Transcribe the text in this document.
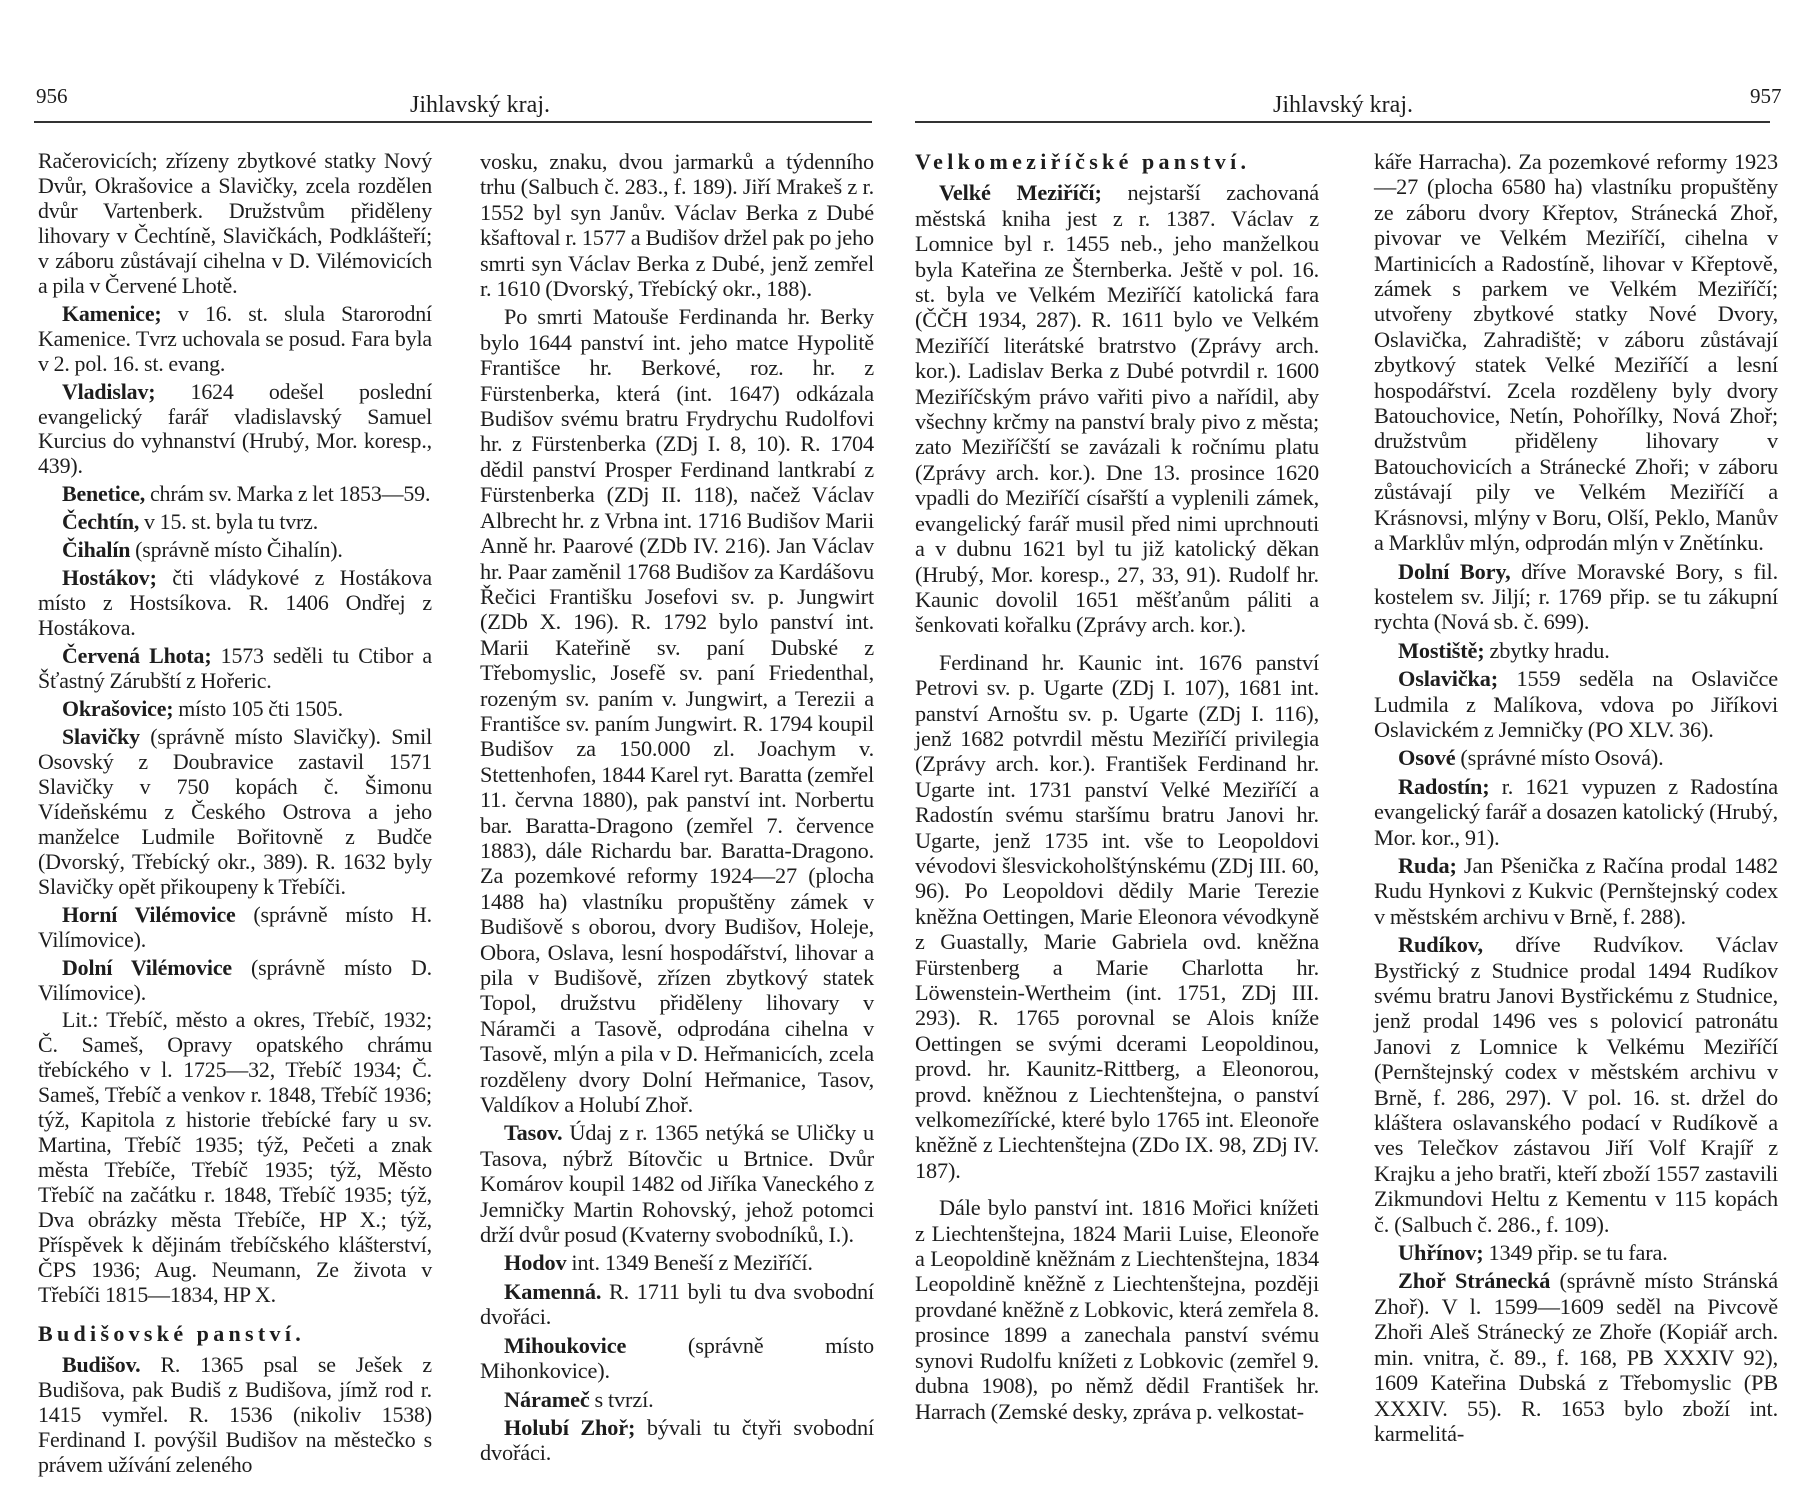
956	Jihlavský kraj.

Račerovicích; zřízeny zbytkové statky Nový Dvůr, Okrašovice a Slavičky, zcela rozdělen dvůr Vartenberk. Družstvům přiděleny lihovary v Čechtíně, Slavičkách, Podklášteří; v záboru zůstávají cihelna v D. Vilémovicích a pila v Červené Lhotě.

Kamenice; v 16. st. slula Starorodní Kamenice. Tvrz uchovala se posud. Fara byla v 2. pol. 16. st. evang.

Vladislav; 1624 odešel poslední evangelický farář vladislavský Samuel Kurcius do vyhnanství (Hrubý, Mor. koresp., 439).

Benetice, chrám sv. Marka z let 1853—59.

Čechtín, v 15. st. byla tu tvrz.

Čihalín (správně místo Čihalín).

Hostákov; čti vládykové z Hostákova místo z Hostsíkova. R. 1406 Ondřej z Hostákova.

Červená Lhota; 1573 seděli tu Ctibor a Šťastný Zárubští z Hořeric.

Okrašovice; místo 105 čti 1505.

Slavičky (správně místo Slavičky). Smil Osovský z Doubravice zastavil 1571 Slavičky v 750 kopách č. Šimonu Vídeňskému z Českého Ostrova a jeho manželce Ludmile Bořitovně z Budče (Dvorský, Třebícký okr., 389). R. 1632 byly Slavičky opět přikoupeny k Třebíči.

Horní Vilémovice (správně místo H. Vilímovice).

Dolní Vilémovice (správně místo D. Vilímovice).

Lit.: Třebíč, město a okres, Třebíč, 1932; Č. Sameš, Opravy opatského chrámu třebíckého v l. 1725—32, Třebíč 1934; Č. Sameš, Třebíč a venkov r. 1848, Třebíč 1936; týž, Kapitola z historie třebícké fary u sv. Martina, Třebíč 1935; týž, Pečeti a znak města Třebíče, Třebíč 1935; týž, Město Třebíč na začátku r. 1848, Třebíč 1935; týž, Dva obrázky města Třebíče, HP X.; týž, Příspěvek k dějinám třebíčského klášterství, ČPS 1936; Aug. Neumann, Ze života v Třebíči 1815—1834, HP X.

Budišovské panství.

Budišov. R. 1365 psal se Ješek z Budišova, pak Budiš z Budišova, jímž rod r. 1415 vymřel. R. 1536 (nikoliv 1538) Ferdinand I. povýšil Budišov na městečko s právem užívání zeleného

vosku, znaku, dvou jarmarků a týdenního trhu (Salbuch č. 283., f. 189). Jiří Mrakeš z r. 1552 byl syn Janův. Václav Berka z Dubé kšaftoval r. 1577 a Budišov držel pak po jeho smrti syn Václav Berka z Dubé, jenž zemřel r. 1610 (Dvorský, Třebícký okr., 188).

Po smrti Matouše Ferdinanda hr. Berky bylo 1644 panství int. jeho matce Hypolitě Františce hr. Berkové, roz. hr. z Fürstenberka, která (int. 1647) odkázala Budišov svému bratru Frydrychu Rudolfovi hr. z Fürstenberka (ZDj I. 8, 10). R. 1704 dědil panství Prosper Ferdinand lantkrabí z Fürstenberka (ZDj II. 118), načež Václav Albrecht hr. z Vrbna int. 1716 Budišov Marii Anně hr. Paarové (ZDb IV. 216). Jan Václav hr. Paar zaměnil 1768 Budišov za Kardášovu Řečici Františku Josefovi sv. p. Jungwirt (ZDb X. 196). R. 1792 bylo panství int. Marii Kateřině sv. paní Dubské z Třebomyslic, Josefě sv. paní Friedenthal, rozeným sv. paním v. Jungwirt, a Terezii a Františce sv. paním Jungwirt. R. 1794 koupil Budišov za 150.000 zl. Joachym v. Stettenhofen, 1844 Karel ryt. Baratta (zemřel 11. června 1880), pak panství int. Norbertu bar. Baratta-Dragono (zemřel 7. července 1883), dále Richardu bar. Baratta-Dragono. Za pozemkové reformy 1924—27 (plocha 1488 ha) vlastníku propuštěny zámek v Budišově s oborou, dvory Budišov, Holeje, Obora, Oslava, lesní hospodářství, lihovar a pila v Budišově, zřízen zbytkový statek Topol, družstvu přiděleny lihovary v Náramči a Tasově, odprodána cihelna v Tasově, mlýn a pila v D. Heřmanicích, zcela rozděleny dvory Dolní Heřmanice, Tasov, Valdíkov a Holubí Zhoř.

Tasov. Údaj z r. 1365 netýká se Uličky u Tasova, nýbrž Bítovčic u Brtnice. Dvůr Komárov koupil 1482 od Jiříka Vaneckého z Jemničky Martin Rohovský, jehož potomci drží dvůr posud (Kvaterny svobodníků, I.).

Hodov int. 1349 Beneší z Meziříčí.

Kamenná. R. 1711 byli tu dva svobodní dvořáci.

Mihoukovice (správně místo Mihonkovice).

Náramеč s tvrzí.

Holubí Zhoř; bývali tu čtyři svobodní dvořáci.

Jihlavský kraj.	957

Velkomeziříčské panství.

Velké Meziříčí; nejstarší zachovaná městská kniha jest z r. 1387. Václav z Lomnice byl r. 1455 neb., jeho manželkou byla Kateřina ze Šternberka. Ještě v pol. 16. st. byla ve Velkém Meziříčí katolická fara (ČČH 1934, 287). R. 1611 bylo ve Velkém Meziříčí literátské bratrstvo (Zprávy arch. kor.). Ladislav Berka z Dubé potvrdil r. 1600 Meziříčským právo vařiti pivo a nařídil, aby všechny krčmy na panství braly pivo z města; zato Meziříčští se zavázali k ročnímu platu (Zprávy arch. kor.). Dne 13. prosince 1620 vpadli do Meziříčí císařští a vyplenili zámek, evangelický farář musil před nimi uprchnouti a v dubnu 1621 byl tu již katolický děkan (Hrubý, Mor. koresp., 27, 33, 91). Rudolf hr. Kaunic dovolil 1651 měšťanům páliti a šenkovati kořalku (Zprávy arch. kor.).

Ferdinand hr. Kaunic int. 1676 panství Petrovi sv. p. Ugarte (ZDj I. 107), 1681 int. panství Arnoštu sv. p. Ugarte (ZDj I. 116), jenž 1682 potvrdil městu Meziříčí privilegia (Zprávy arch. kor.). František Ferdinand hr. Ugarte int. 1731 panství Velké Meziříčí a Radostín svému staršímu bratru Janovi hr. Ugarte, jenž 1735 int. vše to Leopoldovi vévodovi šlesvickoholštýnskému (ZDj III. 60, 96). Po Leopoldovi dědily Marie Terezie kněžna Oettingen, Marie Eleonora vévodkyně z Guastally, Marie Gabriela ovd. kněžna Fürstenberg a Marie Charlotta hr. Löwenstein-Wertheim (int. 1751, ZDj III. 293). R. 1765 porovnal se Alois kníže Oettingen se svými dcerami Leopoldinou, provd. hr. Kaunitz-Rittberg, a Eleonorou, provd. kněžnou z Liechtenštejna, o panství velkomezířícké, které bylo 1765 int. Eleonoře kněžně z Liechtenštejna (ZDo IX. 98, ZDj IV. 187).

Dále bylo panství int. 1816 Mořici knížeti z Liechtenštejna, 1824 Marii Luise, Eleonoře a Leopoldině kněžnám z Liechtenštejna, 1834 Leopoldině kněžně z Liechtenštejna, později provdané kněžně z Lobkovic, která zemřela 8. prosince 1899 a zanechala panství svému synovi Rudolfu knížeti z Lobkovic (zemřel 9. dubna 1908), po němž dědil František hr. Harrach (Zemské desky, zpráva p. velkostat-

káře Harracha). Za pozemkové reformy 1923—27 (plocha 6580 ha) vlastníku propuštěny ze záboru dvory Křeptov, Stránecká Zhoř, pivovar ve Velkém Meziříčí, cihelna v Martinicích a Radostíně, lihovar v Křeptově, zámek s parkem ve Velkém Meziříčí; utvořeny zbytkové statky Nové Dvory, Oslavička, Zahradiště; v záboru zůstávají zbytkový statek Velké Meziříčí a lesní hospodářství. Zcela rozděleny byly dvory Batouchovice, Netín, Pohořílky, Nová Zhoř; družstvům přiděleny lihovary v Batouchovicích a Stránecké Zhoři; v záboru zůstávají pily ve Velkém Meziříčí a Krásnovsi, mlýny v Boru, Olší, Peklo, Manův a Marklův mlýn, odprodán mlýn v Znětínku.

Dolní Bory, dříve Moravské Bory, s fil. kostelem sv. Jiljí; r. 1769 přip. se tu zákupní rychta (Nová sb. č. 699).

Mostiště; zbytky hradu.

Oslavička; 1559 seděla na Oslavičce Ludmila z Malíkova, vdova po Jiříkovi Oslavickém z Jemničky (PO XLV. 36).

Osové (správné místo Osová).

Radostín; r. 1621 vypuzen z Radostína evangelický farář a dosazen katolický (Hrubý, Mor. kor., 91).

Ruda; Jan Pšenička z Račína prodal 1482 Rudu Hynkovi z Kukvic (Pernštejnský codex v městském archivu v Brně, f. 288).

Rudíkov, dříve Rudvíkov. Václav Bystřický z Studnice prodal 1494 Rudíkov svému bratru Janovi Bystřickému z Studnice, jenž prodal 1496 ves s polovicí patronátu Janovi z Lomnice k Velkému Meziříčí (Pernštejnský codex v městském archivu v Brně, f. 286, 297). V pol. 16. st. držel do kláštera oslavanského podací v Rudíkově a ves Telečkov zástavou Jiří Volf Krajíř z Krajku a jeho bratři, kteří zboží 1557 zastavili Zikmundovi Heltu z Kementu v 115 kopách č. (Salbuch č. 286., f. 109).

Uhřínov; 1349 přip. se tu fara.

Zhoř Stránecká (správně místo Stránská Zhoř). V l. 1599—1609 seděl na Pivcově Zhoři Aleš Stránecký ze Zhoře (Kopiář arch. min. vnitra, č. 89., f. 168, PB XXXIV 92), 1609 Kateřina Dubská z Třebomyslic (PB XXXIV. 55). R. 1653 bylo zboží int. karmelitá-
